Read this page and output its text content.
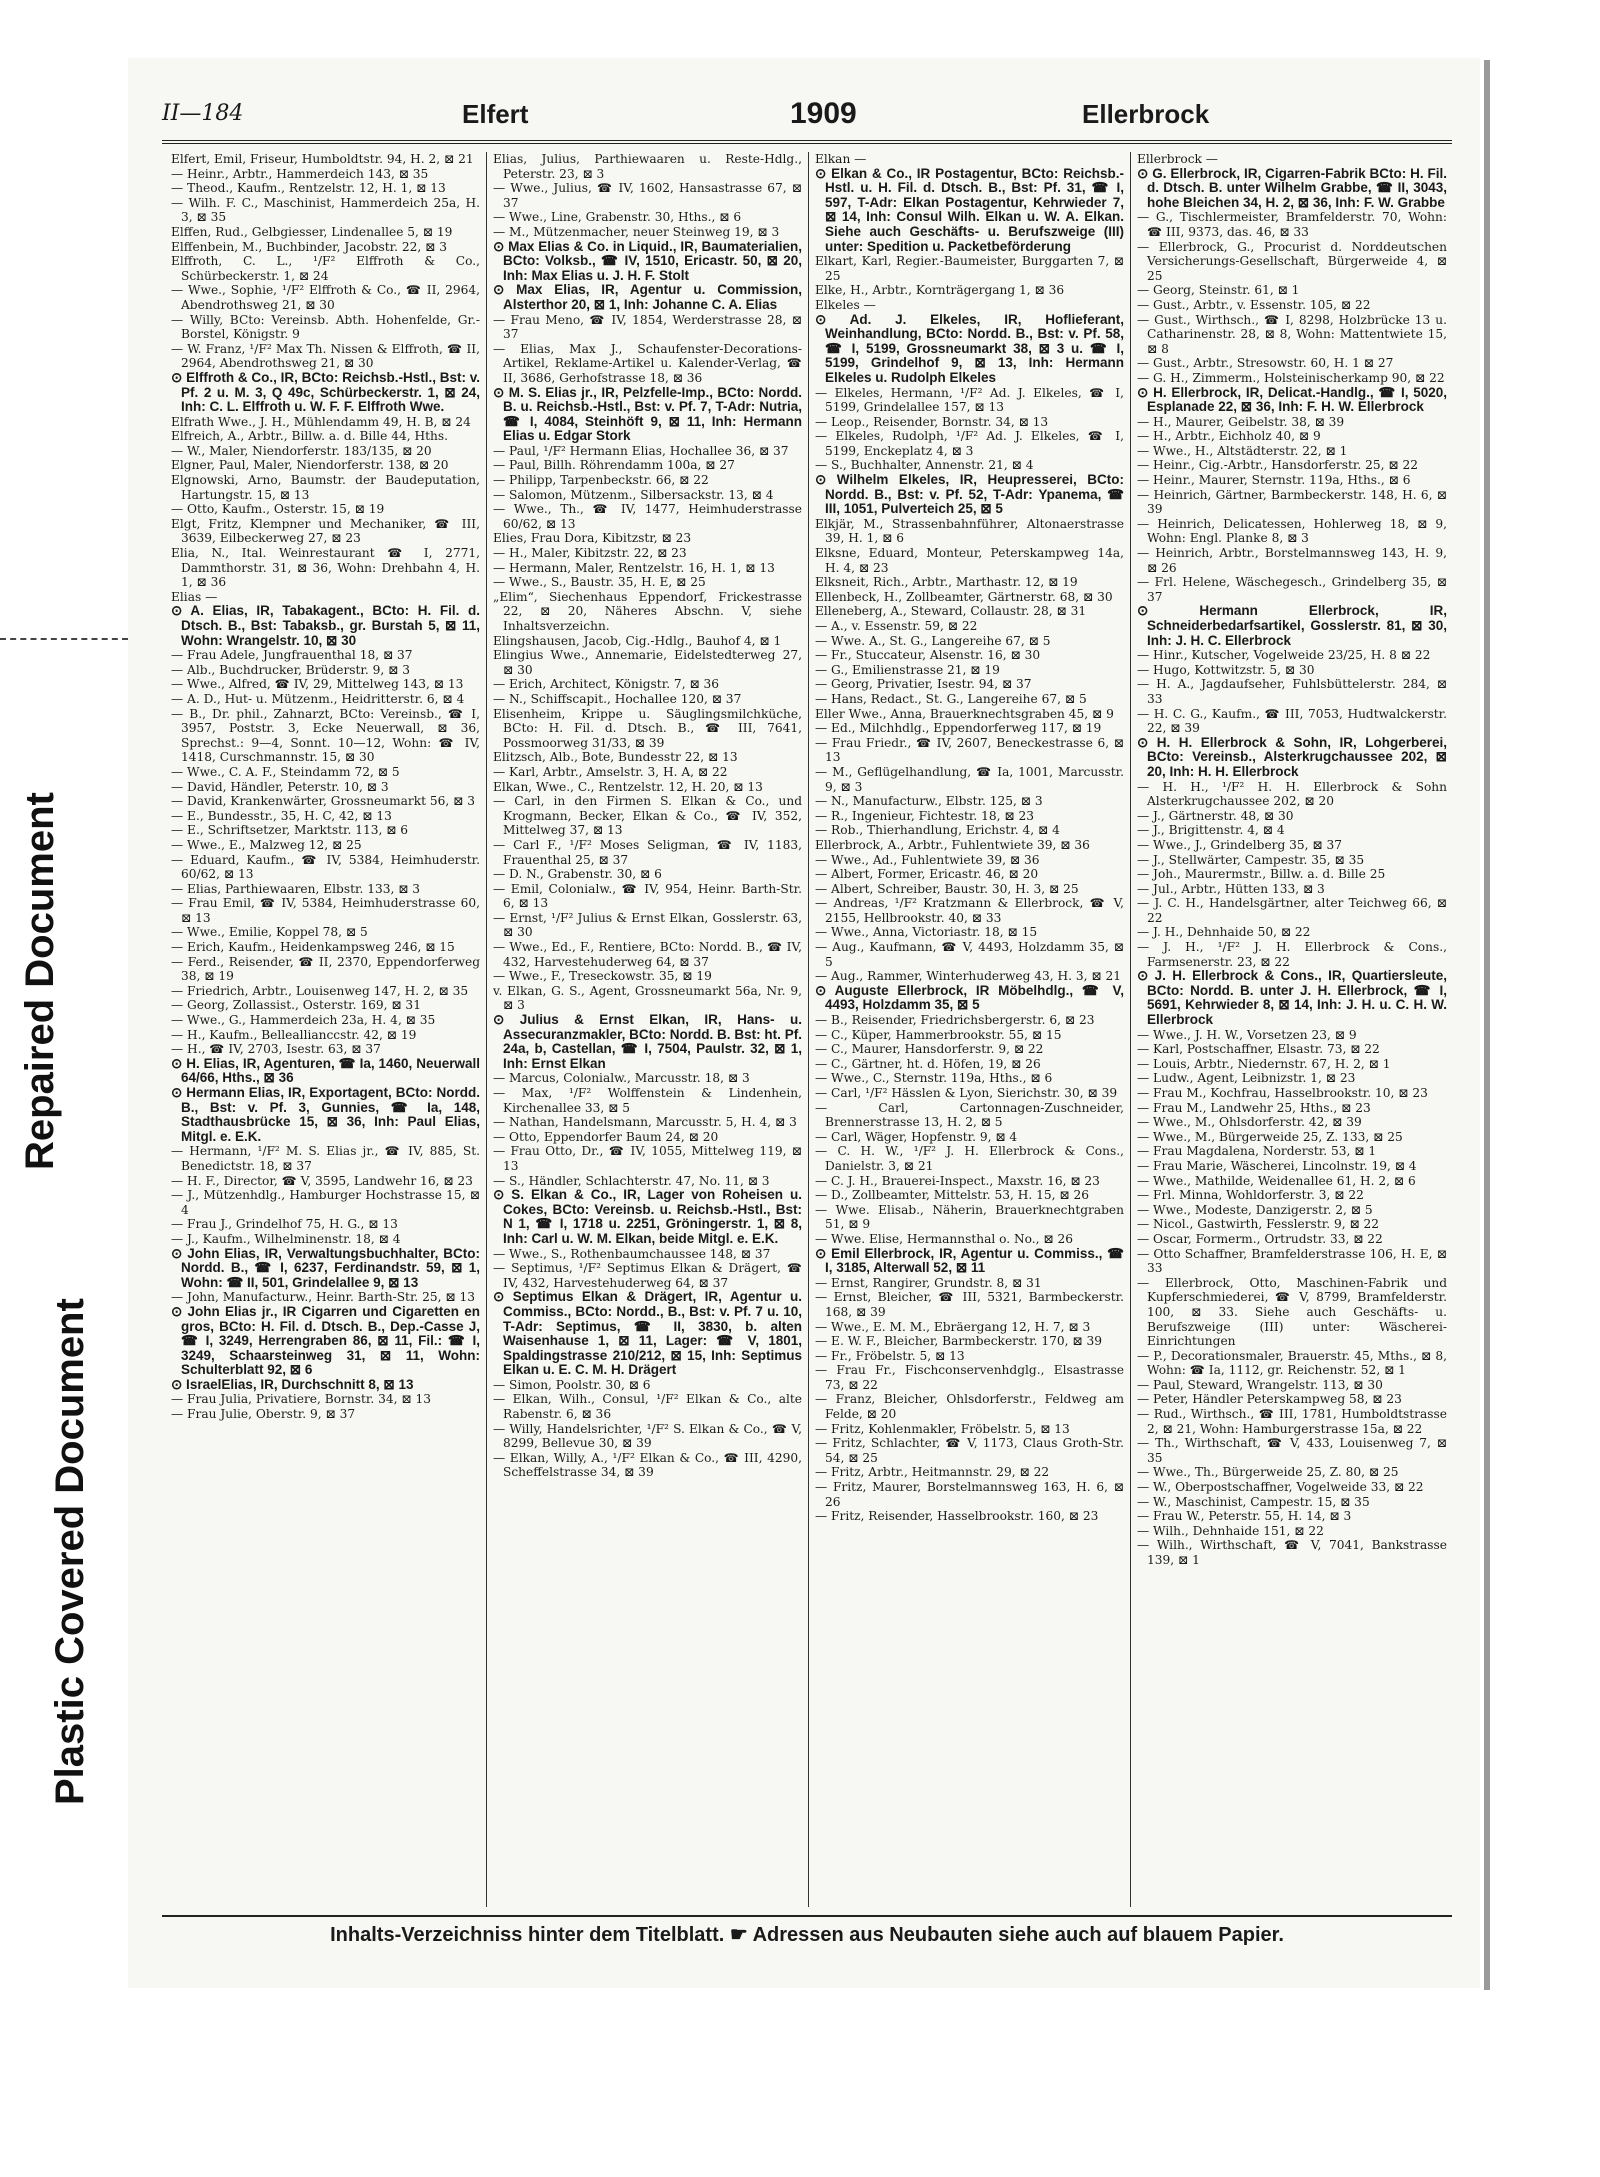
Repaired Document
Plastic Covered Document
II—184	Elfert	1909	Ellerbrock

Elfert, Emil, Friseur, Humboldtstr. 94, H. 2, ⊠ 21

— Heinr., Arbtr., Hammerdeich 143, ⊠ 35

— Theod., Kaufm., Rentzelstr. 12, H. 1, ⊠ 13

— Wilh. F. C., Maschinist, Hammerdeich 25a, H. 3, ⊠ 35

Elffen, Rud., Gelbgiesser, Lindenallee 5, ⊠ 19

Elffenbein, M., Buchbinder, Jacobstr. 22, ⊠ 3

Elffroth, C. L., ¹/F² Elffroth & Co., Schürbeckerstr. 1, ⊠ 24

— Wwe., Sophie, ¹/F² Elffroth & Co., ☎ II, 2964, Abendrothsweg 21, ⊠ 30

— Willy, BCto: Vereinsb. Abth. Hohenfelde, Gr.-Borstel, Königstr. 9

— W. Franz, ¹/F² Max Th. Nissen & Elffroth, ☎ II, 2964, Abendrothsweg 21, ⊠ 30

⊙ Elffroth & Co., IR, BCto: Reichsb.-Hstl., Bst: v. Pf. 2 u. M. 3, Q 49c, Schürbeckerstr. 1, ⊠ 24, Inh: C. L. Elffroth u. W. F. F. Elffroth Wwe.

Elfrath Wwe., J. H., Mühlendamm 49, H. B, ⊠ 24

Elfreich, A., Arbtr., Billw. a. d. Bille 44, Hths.

— W., Maler, Niendorferstr. 183/135, ⊠ 20

Elgner, Paul, Maler, Niendorferstr. 138, ⊠ 20

Elgnowski, Arno, Baumstr. der Baudeputation, Hartungstr. 15, ⊠ 13

— Otto, Kaufm., Osterstr. 15, ⊠ 19

Elgt, Fritz, Klempner und Mechaniker, ☎ III, 3639, Eilbeckerweg 27, ⊠ 23

Elia, N., Ital. Weinrestaurant ☎ I, 2771, Dammthorstr. 31, ⊠ 36, Wohn: Drehbahn 4, H. 1, ⊠ 36

Elias —

⊙ A. Elias, IR, Tabakagent., BCto: H. Fil. d. Dtsch. B., Bst: Tabaksb., gr. Burstah 5, ⊠ 11, Wohn: Wrangelstr. 10, ⊠ 30

— Frau Adele, Jungfrauenthal 18, ⊠ 37

— Alb., Buchdrucker, Brüderstr. 9, ⊠ 3

— Wwe., Alfred, ☎ IV, 29, Mittelweg 143, ⊠ 13

— A. D., Hut- u. Mützenm., Heidritterstr. 6, ⊠ 4

— B., Dr. phil., Zahnarzt, BCto: Vereinsb., ☎ I, 3957, Poststr. 3, Ecke Neuerwall, ⊠ 36, Sprechst.: 9—4, Sonnt. 10—12, Wohn: ☎ IV, 1418, Curschmannstr. 15, ⊠ 30

— Wwe., C. A. F., Steindamm 72, ⊠ 5

— David, Händler, Peterstr. 10, ⊠ 3

— David, Krankenwärter, Grossneumarkt 56, ⊠ 3

— E., Bundesstr., 35, H. C, 42, ⊠ 13

— E., Schriftsetzer, Marktstr. 113, ⊠ 6

— Wwe., E., Malzweg 12, ⊠ 25

— Eduard, Kaufm., ☎ IV, 5384, Heimhuderstr. 60/62, ⊠ 13

— Elias, Parthiewaaren, Elbstr. 133, ⊠ 3

— Frau Emil, ☎ IV, 5384, Heimhuderstrasse 60, ⊠ 13

— Wwe., Emilie, Koppel 78, ⊠ 5

— Erich, Kaufm., Heidenkampsweg 246, ⊠ 15

— Ferd., Reisender, ☎ II, 2370, Eppendorferweg 38, ⊠ 19

— Friedrich, Arbtr., Louisenweg 147, H. 2, ⊠ 35

— Georg, Zollassist., Osterstr. 169, ⊠ 31

— Wwe., G., Hammerdeich 23a, H. 4, ⊠ 35

— H., Kaufm., Belleallianccstr. 42, ⊠ 19

— H., ☎ IV, 2703, Isestr. 63, ⊠ 37

⊙ H. Elias, IR, Agenturen, ☎ Ia, 1460, Neuerwall 64/66, Hths., ⊠ 36

⊙ Hermann Elias, IR, Exportagent, BCto: Nordd. B., Bst: v. Pf. 3, Gunnies, ☎ Ia, 148, Stadthausbrücke 15, ⊠ 36, Inh: Paul Elias, Mitgl. e. E.K.

— Hermann, ¹/F² M. S. Elias jr., ☎ IV, 885, St. Benedictstr. 18, ⊠ 37

— H. F., Director, ☎ V, 3595, Landwehr 16, ⊠ 23

— J., Mützenhdlg., Hamburger Hochstrasse 15, ⊠ 4

— Frau J., Grindelhof 75, H. G., ⊠ 13

— J., Kaufm., Wilhelminenstr. 18, ⊠ 4

⊙ John Elias, IR, Verwaltungsbuchhalter, BCto: Nordd. B., ☎ I, 6237, Ferdinandstr. 59, ⊠ 1, Wohn: ☎ II, 501, Grindelallee 9, ⊠ 13

— John, Manufacturw., Heinr. Barth-Str. 25, ⊠ 13

⊙ John Elias jr., IR Cigarren und Cigaretten en gros, BCto: H. Fil. d. Dtsch. B., Dep.-Casse J, ☎ I, 3249, Herrengraben 86, ⊠ 11, Fil.: ☎ I, 3249, Schaarsteinweg 31, ⊠ 11, Wohn: Schulterblatt 92, ⊠ 6

⊙ IsraelElias, IR, Durchschnitt 8, ⊠ 13

— Frau Julia, Privatiere, Bornstr. 34, ⊠ 13

— Frau Julie, Oberstr. 9, ⊠ 37

Elias, Julius, Parthiewaaren u. Reste-Hdlg., Peterstr. 23, ⊠ 3

— Wwe., Julius, ☎ IV, 1602, Hansastrasse 67, ⊠ 37

— Wwe., Line, Grabenstr. 30, Hths., ⊠ 6

— M., Mützenmacher, neuer Steinweg 19, ⊠ 3

⊙ Max Elias & Co. in Liquid., IR, Baumaterialien, BCto: Volksb., ☎ IV, 1510, Ericastr. 50, ⊠ 20, Inh: Max Elias u. J. H. F. Stolt

⊙ Max Elias, IR, Agentur u. Commission, Alsterthor 20, ⊠ 1, Inh: Johanne C. A. Elias

— Frau Meno, ☎ IV, 1854, Werderstrasse 28, ⊠ 37

— Elias, Max J., Schaufenster-Decorations-Artikel, Reklame-Artikel u. Kalender-Verlag, ☎ II, 3686, Gerhofstrasse 18, ⊠ 36

⊙ M. S. Elias jr., IR, Pelzfelle-Imp., BCto: Nordd. B. u. Reichsb.-Hstl., Bst: v. Pf. 7, T-Adr: Nutria, ☎ I, 4084, Steinhöft 9, ⊠ 11, Inh: Hermann Elias u. Edgar Stork

— Paul, ¹/F² Hermann Elias, Hochallee 36, ⊠ 37

— Paul, Billh. Röhrendamm 100a, ⊠ 27

— Philipp, Tarpenbeckstr. 66, ⊠ 22

— Salomon, Mützenm., Silbersackstr. 13, ⊠ 4

— Wwe., Th., ☎ IV, 1477, Heimhuderstrasse 60/62, ⊠ 13

Elies, Frau Dora, Kibitzstr, ⊠ 23

— H., Maler, Kibitzstr. 22, ⊠ 23

— Hermann, Maler, Rentzelstr. 16, H. 1, ⊠ 13

— Wwe., S., Baustr. 35, H. E, ⊠ 25

„Elim“, Siechenhaus Eppendorf, Frickestrasse 22, ⊠ 20, Näheres Abschn. V, siehe Inhaltsverzeichn.

Elingshausen, Jacob, Cig.-Hdlg., Bauhof 4, ⊠ 1

Elingius Wwe., Annemarie, Eidelstedterweg 27, ⊠ 30

— Erich, Architect, Königstr. 7, ⊠ 36

— N., Schiffscapit., Hochallee 120, ⊠ 37

Elisenheim, Krippe u. Säuglingsmilchküche, BCto: H. Fil. d. Dtsch. B., ☎ III, 7641, Possmoorweg 31/33, ⊠ 39

Elitzsch, Alb., Bote, Bundesstr 22, ⊠ 13

— Karl, Arbtr., Amselstr. 3, H. A, ⊠ 22

Elkan, Wwe., C., Rentzelstr. 12, H. 20, ⊠ 13

— Carl, in den Firmen S. Elkan & Co., und Krogmann, Becker, Elkan & Co., ☎ IV, 352, Mittelweg 37, ⊠ 13

— Carl F., ¹/F² Moses Seligman, ☎ IV, 1183, Frauenthal 25, ⊠ 37

— D. N., Grabenstr. 30, ⊠ 6

— Emil, Colonialw., ☎ IV, 954, Heinr. Barth-Str. 6, ⊠ 13

— Ernst, ¹/F² Julius & Ernst Elkan, Gosslerstr. 63, ⊠ 30

— Wwe., Ed., F., Rentiere, BCto: Nordd. B., ☎ IV, 432, Harvestehuderweg 64, ⊠ 37

— Wwe., F., Treseckowstr. 35, ⊠ 19

v. Elkan, G. S., Agent, Grossneumarkt 56a, Nr. 9, ⊠ 3

⊙ Julius & Ernst Elkan, IR, Hans- u. Assecuranzmakler, BCto: Nordd. B. Bst: ht. Pf. 24a, b, Castellan, ☎ I, 7504, Paulstr. 32, ⊠ 1, Inh: Ernst Elkan

— Marcus, Colonialw., Marcusstr. 18, ⊠ 3

— Max, ¹/F² Wolffenstein & Lindenhein, Kirchenallee 33, ⊠ 5

— Nathan, Handelsmann, Marcusstr. 5, H. 4, ⊠ 3

— Otto, Eppendorfer Baum 24, ⊠ 20

— Frau Otto, Dr., ☎ IV, 1055, Mittelweg 119, ⊠ 13

— S., Händler, Schlachterstr. 47, No. 11, ⊠ 3

⊙ S. Elkan & Co., IR, Lager von Roheisen u. Cokes, BCto: Vereinsb. u. Reichsb.-Hstl., Bst: N 1, ☎ I, 1718 u. 2251, Gröningerstr. 1, ⊠ 8, Inh: Carl u. W. M. Elkan, beide Mitgl. e. E.K.

— Wwe., S., Rothenbaumchaussee 148, ⊠ 37

— Septimus, ¹/F² Septimus Elkan & Drägert, ☎ IV, 432, Harvestehuderweg 64, ⊠ 37

⊙ Septimus Elkan & Drägert, IR, Agentur u. Commiss., BCto: Nordd., B., Bst: v. Pf. 7 u. 10, T-Adr: Septimus, ☎ II, 3830, b. alten Waisenhause 1, ⊠ 11, Lager: ☎ V, 1801, Spaldingstrasse 210/212, ⊠ 15, Inh: Septimus Elkan u. E. C. M. H. Drägert

— Simon, Poolstr. 30, ⊠ 6

— Elkan, Wilh., Consul, ¹/F² Elkan & Co., alte Rabenstr. 6, ⊠ 36

— Willy, Handelsrichter, ¹/F² S. Elkan & Co., ☎ V, 8299, Bellevue 30, ⊠ 39

— Elkan, Willy, A., ¹/F² Elkan & Co., ☎ III, 4290, Scheffelstrasse 34, ⊠ 39

Elkan —

⊙ Elkan & Co., IR Postagentur, BCto: Reichsb.-Hstl. u. H. Fil. d. Dtsch. B., Bst: Pf. 31, ☎ I, 597, T-Adr: Elkan Postagentur, Kehrwieder 7, ⊠ 14, Inh: Consul Wilh. Elkan u. W. A. Elkan. Siehe auch Geschäfts- u. Berufszweige (III) unter: Spedition u. Packetbeförderung

Elkart, Karl, Regier.-Baumeister, Burggarten 7, ⊠ 25

Elke, H., Arbtr., Kornträgergang 1, ⊠ 36

Elkeles —

⊙ Ad. J. Elkeles, IR, Hoflieferant, Weinhandlung, BCto: Nordd. B., Bst: v. Pf. 58, ☎ I, 5199, Grossneumarkt 38, ⊠ 3 u. ☎ I, 5199, Grindelhof 9, ⊠ 13, Inh: Hermann Elkeles u. Rudolph Elkeles

— Elkeles, Hermann, ¹/F² Ad. J. Elkeles, ☎ I, 5199, Grindelallee 157, ⊠ 13

— Leop., Reisender, Bornstr. 34, ⊠ 13

— Elkeles, Rudolph, ¹/F² Ad. J. Elkeles, ☎ I, 5199, Enckeplatz 4, ⊠ 3

— S., Buchhalter, Annenstr. 21, ⊠ 4

⊙ Wilhelm Elkeles, IR, Heupresserei, BCto: Nordd. B., Bst: v. Pf. 52, T-Adr: Ypanema, ☎ III, 1051, Pulverteich 25, ⊠ 5

Elkjär, M., Strassenbahnführer, Altonaerstrasse 39, H. 1, ⊠ 6

Elksne, Eduard, Monteur, Peterskampweg 14a, H. 4, ⊠ 23

Elksneit, Rich., Arbtr., Marthastr. 12, ⊠ 19

Ellenbeck, H., Zollbeamter, Gärtnerstr. 68, ⊠ 30

Elleneberg, A., Steward, Collaustr. 28, ⊠ 31

— A., v. Essenstr. 59, ⊠ 22

— Wwe. A., St. G., Langereihe 67, ⊠ 5

— Fr., Stuccateur, Alsenstr. 16, ⊠ 30

— G., Emilienstrasse 21, ⊠ 19

— Georg, Privatier, Isestr. 94, ⊠ 37

— Hans, Redact., St. G., Langereihe 67, ⊠ 5

Eller Wwe., Anna, Brauerknechtsgraben 45, ⊠ 9

— Ed., Milchhdlg., Eppendorferweg 117, ⊠ 19

— Frau Friedr., ☎ IV, 2607, Beneckestrasse 6, ⊠ 13

— M., Geflügelhandlung, ☎ Ia, 1001, Marcusstr. 9, ⊠ 3

— N., Manufacturw., Elbstr. 125, ⊠ 3

— R., Ingenieur, Fichtestr. 18, ⊠ 23

— Rob., Thierhandlung, Erichstr. 4, ⊠ 4

Ellerbrock, A., Arbtr., Fuhlentwiete 39, ⊠ 36

— Wwe., Ad., Fuhlentwiete 39, ⊠ 36

— Albert, Former, Ericastr. 46, ⊠ 20

— Albert, Schreiber, Baustr. 30, H. 3, ⊠ 25

— Andreas, ¹/F² Kratzmann & Ellerbrock, ☎ V, 2155, Hellbrookstr. 40, ⊠ 33

— Wwe., Anna, Victoriastr. 18, ⊠ 15

— Aug., Kaufmann, ☎ V, 4493, Holzdamm 35, ⊠ 5

— Aug., Rammer, Winterhuderweg 43, H. 3, ⊠ 21

⊙ Auguste Ellerbrock, IR Möbelhdlg., ☎ V, 4493, Holzdamm 35, ⊠ 5

— B., Reisender, Friedrichsbergerstr. 6, ⊠ 23

— C., Küper, Hammerbrookstr. 55, ⊠ 15

— C., Maurer, Hansdorferstr. 9, ⊠ 22

— C., Gärtner, ht. d. Höfen, 19, ⊠ 26

— Wwe., C., Sternstr. 119a, Hths., ⊠ 6

— Carl, ¹/F² Hässlen & Lyon, Sierichstr. 30, ⊠ 39

— Carl, Cartonnagen-Zuschneider, Brennerstrasse 13, H. 2, ⊠ 5

— Carl, Wäger, Hopfenstr. 9, ⊠ 4

— C. H. W., ¹/F² J. H. Ellerbrock & Cons., Danielstr. 3, ⊠ 21

— C. J. H., Brauerei-Inspect., Maxstr. 16, ⊠ 23

— D., Zollbeamter, Mittelstr. 53, H. 15, ⊠ 26

— Wwe. Elisab., Näherin, Brauerknechtgraben 51, ⊠ 9

— Wwe. Elise, Hermannsthal o. No., ⊠ 26

⊙ Emil Ellerbrock, IR, Agentur u. Commiss., ☎ I, 3185, Alterwall 52, ⊠ 11

— Ernst, Rangirer, Grundstr. 8, ⊠ 31

— Ernst, Bleicher, ☎ III, 5321, Barmbeckerstr. 168, ⊠ 39

— Wwe., E. M. M., Ebräergang 12, H. 7, ⊠ 3

— E. W. F., Bleicher, Barmbeckerstr. 170, ⊠ 39

— Fr., Fröbelstr. 5, ⊠ 13

— Frau Fr., Fischconservenhdglg., Elsastrasse 73, ⊠ 22

— Franz, Bleicher, Ohlsdorferstr., Feldweg am Felde, ⊠ 20

— Fritz, Kohlenmakler, Fröbelstr. 5, ⊠ 13

— Fritz, Schlachter, ☎ V, 1173, Claus Groth-Str. 54, ⊠ 25

— Fritz, Arbtr., Heitmannstr. 29, ⊠ 22

— Fritz, Maurer, Borstelmannsweg 163, H. 6, ⊠ 26

— Fritz, Reisender, Hasselbrookstr. 160, ⊠ 23

Ellerbrock —

⊙ G. Ellerbrock, IR, Cigarren-Fabrik BCto: H. Fil. d. Dtsch. B. unter Wilhelm Grabbe, ☎ II, 3043, hohe Bleichen 34, H. 2, ⊠ 36, Inh: F. W. Grabbe

— G., Tischlermeister, Bramfelderstr. 70, Wohn: ☎ III, 9373, das. 46, ⊠ 33

— Ellerbrock, G., Procurist d. Norddeutschen Versicherungs-Gesellschaft, Bürgerweide 4, ⊠ 25

— Georg, Steinstr. 61, ⊠ 1

— Gust., Arbtr., v. Essenstr. 105, ⊠ 22

— Gust., Wirthsch., ☎ I, 8298, Holzbrücke 13 u. Catharinenstr. 28, ⊠ 8, Wohn: Mattentwiete 15, ⊠ 8

— Gust., Arbtr., Stresowstr. 60, H. 1 ⊠ 27

— G. H., Zimmerm., Holsteinischerkamp 90, ⊠ 22

⊙ H. Ellerbrock, IR, Delicat.-Handlg., ☎ I, 5020, Esplanade 22, ⊠ 36, Inh: F. H. W. Ellerbrock

— H., Maurer, Geibelstr. 38, ⊠ 39

— H., Arbtr., Eichholz 40, ⊠ 9

— Wwe., H., Altstädterstr. 22, ⊠ 1

— Heinr., Cig.-Arbtr., Hansdorferstr. 25, ⊠ 22

— Heinr., Maurer, Sternstr. 119a, Hths., ⊠ 6

— Heinrich, Gärtner, Barmbeckerstr. 148, H. 6, ⊠ 39

— Heinrich, Delicatessen, Hohlerweg 18, ⊠ 9, Wohn: Engl. Planke 8, ⊠ 3

— Heinrich, Arbtr., Borstelmannsweg 143, H. 9, ⊠ 26

— Frl. Helene, Wäschegesch., Grindelberg 35, ⊠ 37

⊙ Hermann Ellerbrock, IR, Schneiderbedarfsartikel, Gosslerstr. 81, ⊠ 30, Inh: J. H. C. Ellerbrock

— Hinr., Kutscher, Vogelweide 23/25, H. 8 ⊠ 22

— Hugo, Kottwitzstr. 5, ⊠ 30

— H. A., Jagdaufseher, Fuhlsbüttelerstr. 284, ⊠ 33

— H. C. G., Kaufm., ☎ III, 7053, Hudtwalckerstr. 22, ⊠ 39

⊙ H. H. Ellerbrock & Sohn, IR, Lohgerberei, BCto: Vereinsb., Alsterkrugchaussee 202, ⊠ 20, Inh: H. H. Ellerbrock

— H. H., ¹/F² H. H. Ellerbrock & Sohn Alsterkrugchaussee 202, ⊠ 20

— J., Gärtnerstr. 48, ⊠ 30

— J., Brigittenstr. 4, ⊠ 4

— Wwe., J., Grindelberg 35, ⊠ 37

— J., Stellwärter, Campestr. 35, ⊠ 35

— Joh., Maurermstr., Billw. a. d. Bille 25

— Jul., Arbtr., Hütten 133, ⊠ 3

— J. C. H., Handelsgärtner, alter Teichweg 66, ⊠ 22

— J. H., Dehnhaide 50, ⊠ 22

— J. H., ¹/F² J. H. Ellerbrock & Cons., Farmsenerstr. 23, ⊠ 22

⊙ J. H. Ellerbrock & Cons., IR, Quartiersleute, BCto: Nordd. B. unter J. H. Ellerbrock, ☎ I, 5691, Kehrwieder 8, ⊠ 14, Inh: J. H. u. C. H. W. Ellerbrock

— Wwe., J. H. W., Vorsetzen 23, ⊠ 9

— Karl, Postschaffner, Elsastr. 73, ⊠ 22

— Louis, Arbtr., Niedernstr. 67, H. 2, ⊠ 1

— Ludw., Agent, Leibnizstr. 1, ⊠ 23

— Frau M., Kochfrau, Hasselbrookstr. 10, ⊠ 23

— Frau M., Landwehr 25, Hths., ⊠ 23

— Wwe., M., Ohlsdorferstr. 42, ⊠ 39

— Wwe., M., Bürgerweide 25, Z. 133, ⊠ 25

— Frau Magdalena, Norderstr. 53, ⊠ 1

— Frau Marie, Wäscherei, Lincolnstr. 19, ⊠ 4

— Wwe., Mathilde, Weidenallee 61, H. 2, ⊠ 6

— Frl. Minna, Wohldorferstr. 3, ⊠ 22

— Wwe., Modeste, Danzigerstr. 2, ⊠ 5

— Nicol., Gastwirth, Fesslerstr. 9, ⊠ 22

— Oscar, Formerm., Ortrudstr. 33, ⊠ 22

— Otto Schaffner, Bramfelderstrasse 106, H. E, ⊠ 33

— Ellerbrock, Otto, Maschinen-Fabrik und Kupferschmiederei, ☎ V, 8799, Bramfelderstr. 100, ⊠ 33. Siehe auch Geschäfts- u. Berufszweige (III) unter: Wäscherei-Einrichtungen

— P., Decorationsmaler, Brauerstr. 45, Mths., ⊠ 8, Wohn: ☎ Ia, 1112, gr. Reichenstr. 52, ⊠ 1

— Paul, Steward, Wrangelstr. 113, ⊠ 30

— Peter, Händler Peterskampweg 58, ⊠ 23

— Rud., Wirthsch., ☎ III, 1781, Humboldtstrasse 2, ⊠ 21, Wohn: Hamburgerstrasse 15a, ⊠ 22

— Th., Wirthschaft, ☎ V, 433, Louisenweg 7, ⊠ 35

— Wwe., Th., Bürgerweide 25, Z. 80, ⊠ 25

— W., Oberpostschaffner, Vogelweide 33, ⊠ 22

— W., Maschinist, Campestr. 15, ⊠ 35

— Frau W., Peterstr. 55, H. 14, ⊠ 3

— Wilh., Dehnhaide 151, ⊠ 22

— Wilh., Wirthschaft, ☎ V, 7041, Bankstrasse 139, ⊠ 1

Inhalts-Verzeichniss hinter dem Titelblatt. ☛ Adressen aus Neubauten siehe auch auf blauem Papier.
